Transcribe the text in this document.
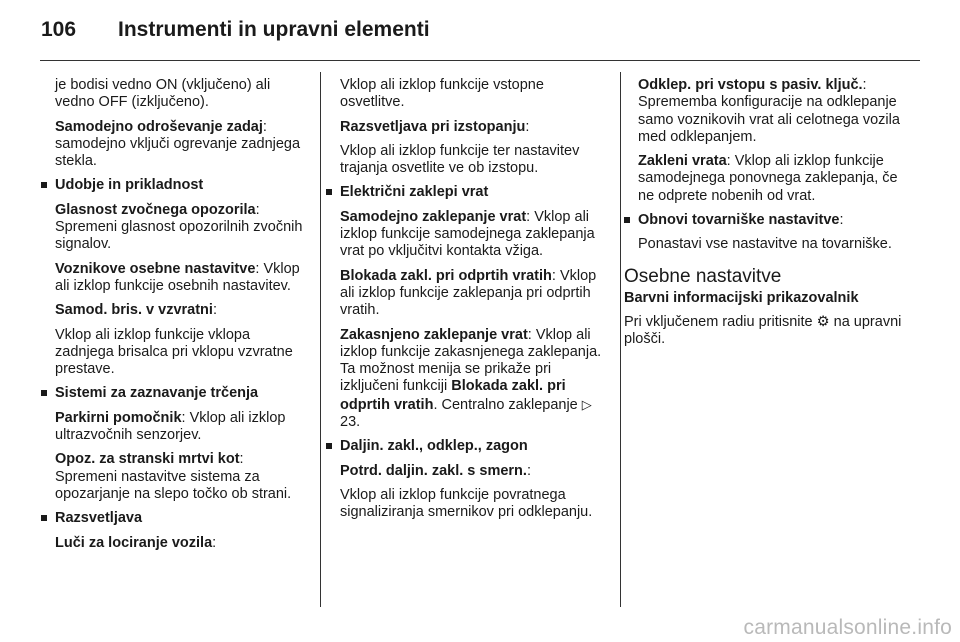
106 Instrumenti in upravni elementi

je bodisi vedno ON (vključeno) ali vedno OFF (izključeno).

Samodejno odroševanje zadaj: samodejno vključi ogrevanje zadnjega stekla.

Udobje in prikladnost

Glasnost zvočnega opozorila: Spremeni glasnost opozorilnih zvočnih signalov.

Voznikove osebne nastavitve: Vklop ali izklop funkcije osebnih nastavitev.

Samod. bris. v vzvratni:

Vklop ali izklop funkcije vklopa zadnjega brisalca pri vklopu vzvratne prestave.

Sistemi za zaznavanje trčenja

Parkirni pomočnik: Vklop ali izklop ultrazvočnih senzorjev.

Opoz. za stranski mrtvi kot: Spremeni nastavitve sistema za opozarjanje na slepo točko ob strani.

Razsvetljava

Luči za lociranje vozila:

Vklop ali izklop funkcije vstopne osvetlitve.

Razsvetljava pri izstopanju:

Vklop ali izklop funkcije ter nastavitev trajanja osvetlite ve ob izstopu.

Električni zaklepi vrat

Samodejno zaklepanje vrat: Vklop ali izklop funkcije samodejnega zaklepanja vrat po vključitvi kontakta vžiga.

Blokada zakl. pri odprtih vratih: Vklop ali izklop funkcije zaklepanja pri odprtih vratih.

Zakasnjeno zaklepanje vrat: Vklop ali izklop funkcije zakasnjenega zaklepanja. Ta možnost menija se prikaže pri izključeni funkciji Blokada zakl. pri odprtih vratih. Centralno zaklepanje ▷ 23.

Daljin. zakl., odklep., zagon

Potrd. daljin. zakl. s smern.:

Vklop ali izklop funkcije povratnega signaliziranja smernikov pri odklepanju.

Odklep. pri vstopu s pasiv. ključ.: Sprememba konfiguracije na odklepanje samo voznikovih vrat ali celotnega vozila med odklepanjem.

Zakleni vrata: Vklop ali izklop funkcije samodejnega ponovnega zaklepanja, če ne odprete nobenih od vrat.

Obnovi tovarniške nastavitve:

Ponastavi vse nastavitve na tovarniške.

Osebne nastavitve

Barvni informacijski prikazovalnik

Pri vključenem radiu pritisnite ⚙ na upravni plošči.

carmanualsonline.info
